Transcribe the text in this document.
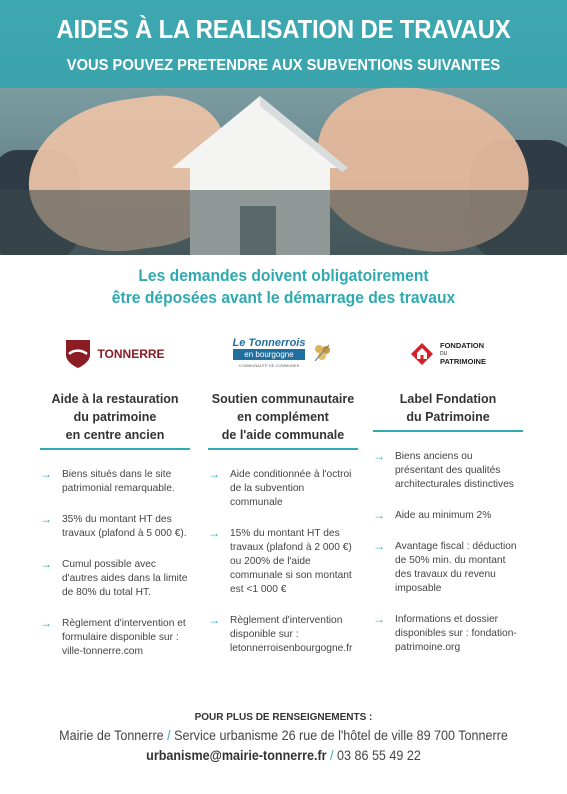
AIDES À LA REALISATION DE TRAVAUX
VOUS POUVEZ PRETENDRE AUX SUBVENTIONS SUIVANTES
Les demandes doivent obligatoirement
être déposées avant le démarrage des travaux
TONNERRE
Aide à la restauration
du patrimoine
en centre ancien
→ Biens situés dans le site patrimonial remarquable.
→ 35% du montant HT des travaux (plafond à 5 000 €).
→ Cumul possible avec d'autres aides dans la limite de 80% du total HT.
→ Règlement d'intervention et formulaire disponible sur : ville-tonnerre.com
Le Tonnerrois
en bourgogne
COMMUNAUTÉ DE COMMUNES
Soutien communautaire
en complément
de l'aide communale
→ Aide conditionnée à l'octroi de la subvention communale
→ 15% du montant HT des travaux (plafond à 2 000 €) ou 200% de l'aide communale si son montant est <1 000 €
→ Règlement d'intervention disponible sur : letonnerroisenbourgogne.fr
FONDATION
DU
PATRIMOINE
Label Fondation
du Patrimoine
→ Biens anciens ou présentant des qualités architecturales distinctives
→ Aide au minimum 2%
→ Avantage fiscal : déduction de 50% min. du montant des travaux du revenu imposable
→ Informations et dossier disponibles sur : fondation-patrimoine.org
POUR PLUS DE RENSEIGNEMENTS :
Mairie de Tonnerre / Service urbanisme 26 rue de l'hôtel de ville 89 700 Tonnerre
urbanisme@mairie-tonnerre.fr / 03 86 55 49 22
